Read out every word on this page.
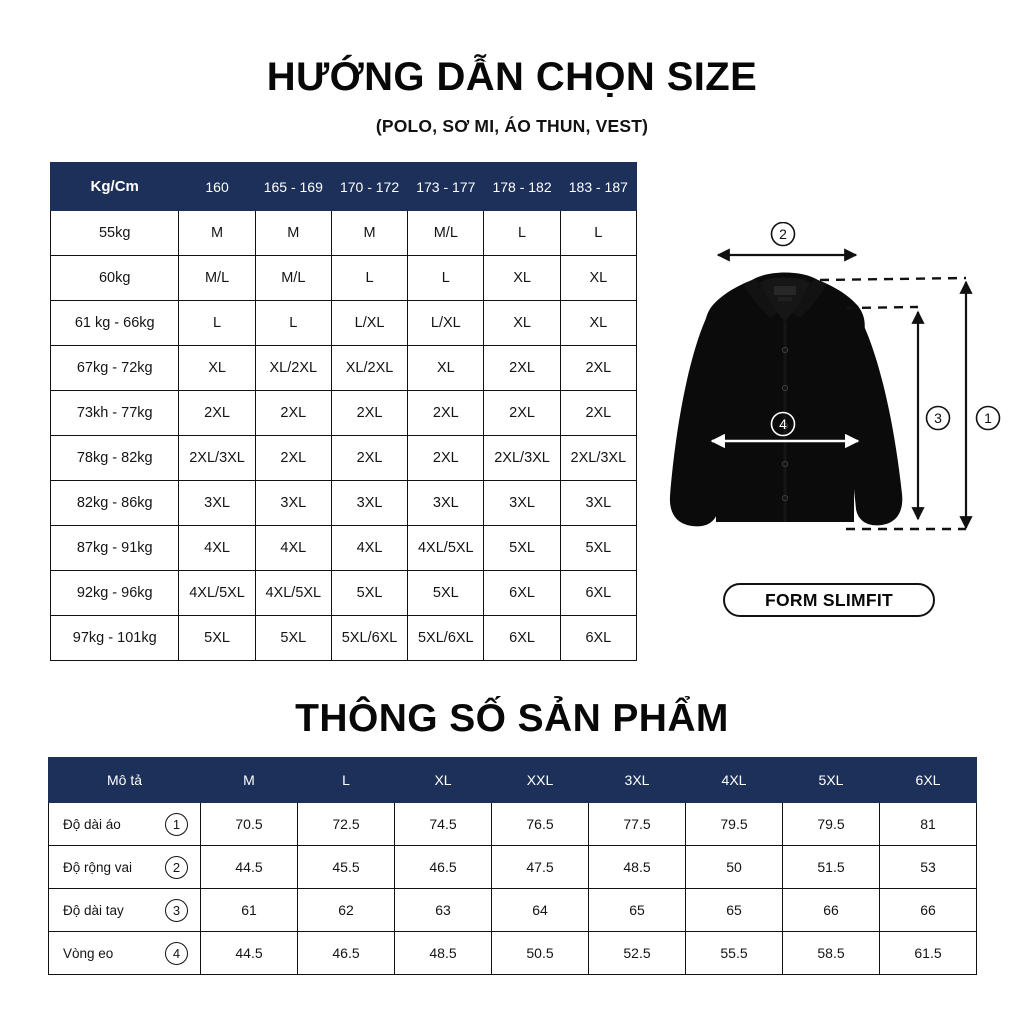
HƯỚNG DẪN CHỌN SIZE
(POLO, SƠ MI, ÁO THUN, VEST)
Kg/Cm	160	165 - 169	170 - 172	173 - 177	178 - 182	183 - 187
55kg	M	M	M	M/L	L	L
60kg	M/L	M/L	L	L	XL	XL
61 kg - 66kg	L	L	L/XL	L/XL	XL	XL
67kg - 72kg	XL	XL/2XL	XL/2XL	XL	2XL	2XL
73kh - 77kg	2XL	2XL	2XL	2XL	2XL	2XL
78kg - 82kg	2XL/3XL	2XL	2XL	2XL	2XL/3XL	2XL/3XL
82kg - 86kg	3XL	3XL	3XL	3XL	3XL	3XL
87kg - 91kg	4XL	4XL	4XL	4XL/5XL	5XL	5XL
92kg - 96kg	4XL/5XL	4XL/5XL	5XL	5XL	6XL	6XL
97kg - 101kg	5XL	5XL	5XL/6XL	5XL/6XL	6XL	6XL
2
3	1
4
FORM SLIMFIT
THÔNG SỐ SẢN PHẨM
Mô tả	M	L	XL	XXL	3XL	4XL	5XL	6XL

Độ dài áo 1	70.5	72.5	74.5	76.5	77.5	79.5	79.5	81

Độ rộng vai 2	44.5	45.5	46.5	47.5	48.5	50	51.5	53

Độ dài tay 3	61	62	63	64	65	65	66	66

Vòng eo 4	44.5	46.5	48.5	50.5	52.5	55.5	58.5	61.5
